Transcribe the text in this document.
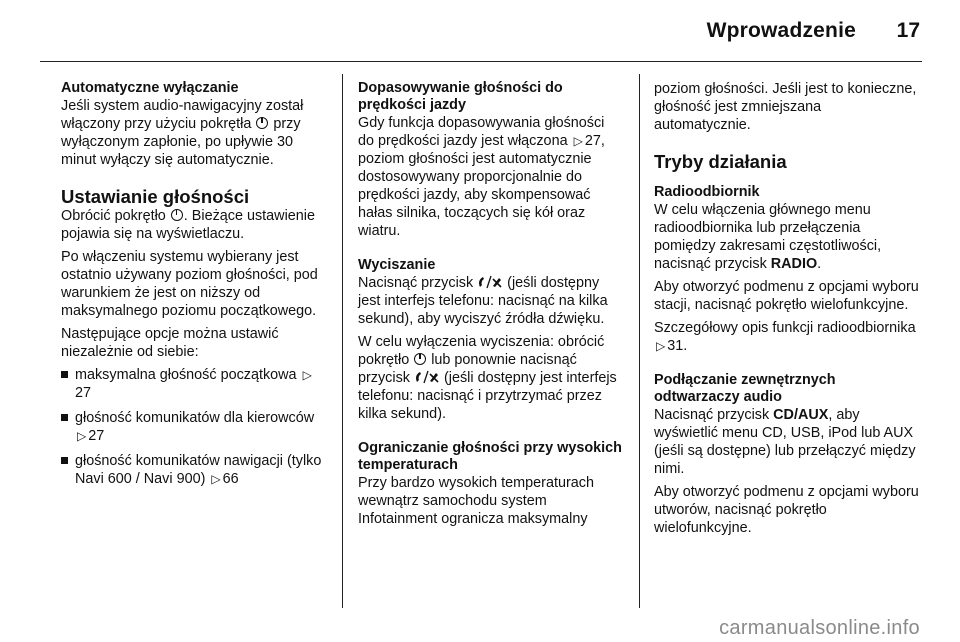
Wprowadzenie 17
Automatyczne wyłączanie

Jeśli system audio-nawigacyjny został włączony przy użyciu pokrętła przy wyłączonym zapłonie, po upływie 30 minut wyłączy się automatycznie.

Ustawianie głośności

Obrócić pokrętło . Bieżące ustawienie pojawia się na wyświetlaczu.

Po włączeniu systemu wybierany jest ostatnio używany poziom głośności, pod warunkiem że jest on niższy od maksymalnego poziomu początkowego.

Następujące opcje można ustawić niezależnie od siebie:

maksymalna głośność początkowa ▷27
głośność komunikatów dla kierowców ▷ 27
głośność komunikatów nawigacji (tylko Navi 600 / Navi 900) ▷ 66
Dopasowywanie głośności do prędkości jazdy

Gdy funkcja dopasowywania głośności do prędkości jazdy jest włączona ▷ 27, poziom głośności jest automatycznie dostosowywany proporcjonalnie do prędkości jazdy, aby skompensować hałas silnika, toczących się kół oraz wiatru.

Wyciszanie

Nacisnąć przycisk (jeśli dostępny jest interfejs telefonu: nacisnąć na kilka sekund), aby wyciszyć źródła dźwięku.

W celu wyłączenia wyciszenia: obrócić pokrętło lub ponownie nacisnąć przycisk (jeśli dostępny jest interfejs telefonu: nacisnąć i przytrzymać przez kilka sekund).

Ograniczanie głośności przy wysokich temperaturach

Przy bardzo wysokich temperaturach wewnątrz samochodu system Infotainment ogranicza maksymalny

poziom głośności. Jeśli jest to konieczne, głośność jest zmniejszana automatycznie.

Tryby działania
Radioodbiornik

W celu włączenia głównego menu radioodbiornika lub przełączenia pomiędzy zakresami częstotliwości, nacisnąć przycisk RADIO.

Aby otworzyć podmenu z opcjami wyboru stacji, nacisnąć pokrętło wielofunkcyjne.

Szczegółowy opis funkcji radioodbiornika ▷ 31.

Podłączanie zewnętrznych odtwarzaczy audio

Nacisnąć przycisk CD/AUX, aby wyświetlić menu CD, USB, iPod lub AUX (jeśli są dostępne) lub przełączyć między nimi.

Aby otworzyć podmenu z opcjami wyboru utworów, nacisnąć pokrętło wielofunkcyjne.

carmanualsonline.info
